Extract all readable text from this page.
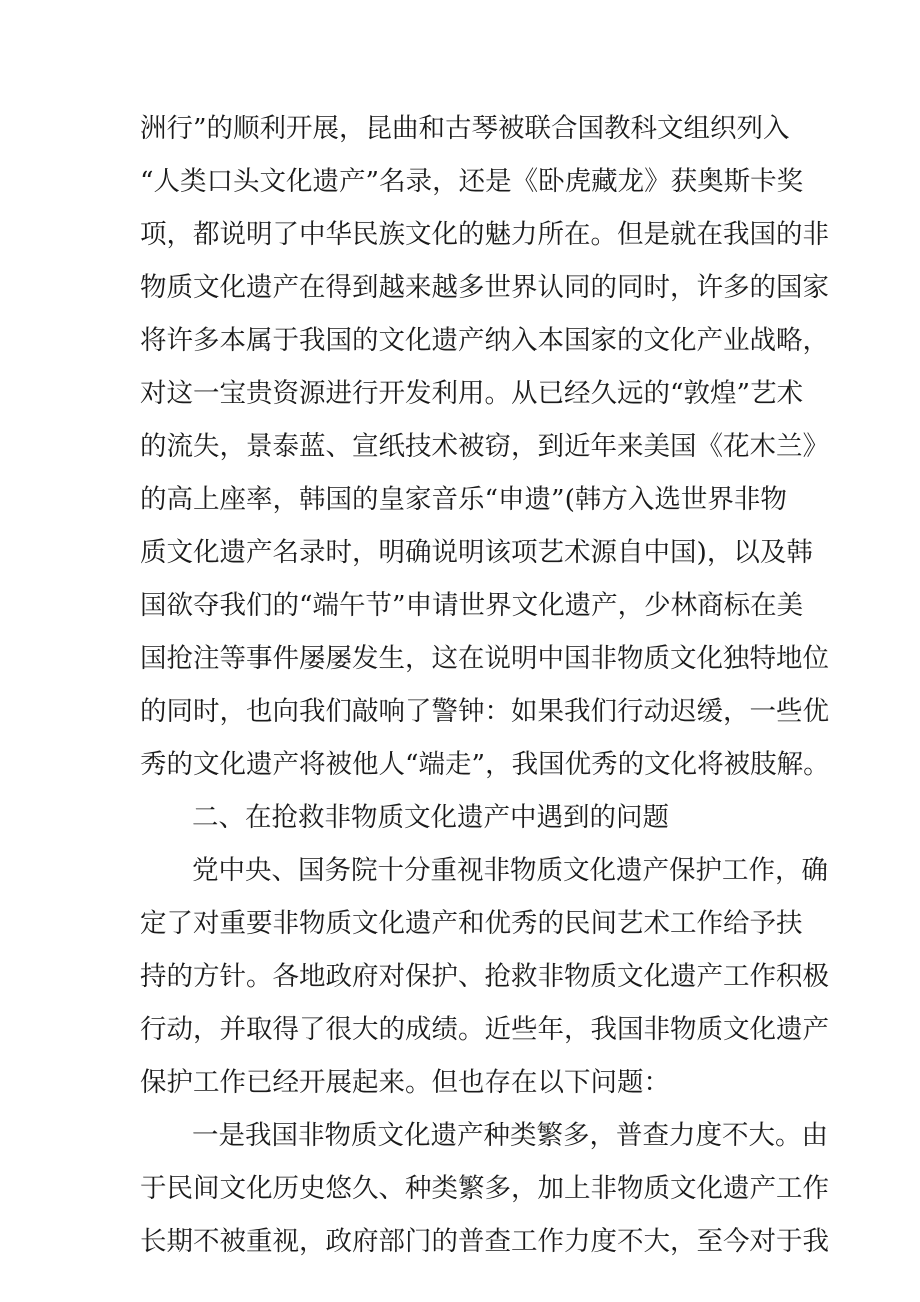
洲行”的顺利开展，昆曲和古琴被联合国教科文组织列入
“人类口头文化遗产”名录，还是《卧虎藏龙》获奥斯卡奖
项，都说明了中华民族文化的魅力所在。但是就在我国的非
物质文化遗产在得到越来越多世界认同的同时，许多的国家
将许多本属于我国的文化遗产纳入本国家的文化产业战略，
对这一宝贵资源进行开发利用。从已经久远的“敦煌”艺术
的流失，景泰蓝、宣纸技术被窃，到近年来美国《花木兰》
的高上座率，韩国的皇家音乐“申遗”(韩方入选世界非物
质文化遗产名录时，明确说明该项艺术源自中国)，以及韩
国欲夺我们的“端午节”申请世界文化遗产，少林商标在美
国抢注等事件屡屡发生，这在说明中国非物质文化独特地位
的同时，也向我们敲响了警钟：如果我们行动迟缓，一些优
秀的文化遗产将被他人“端走”，我国优秀的文化将被肢解。
二、在抢救非物质文化遗产中遇到的问题
党中央、国务院十分重视非物质文化遗产保护工作，确
定了对重要非物质文化遗产和优秀的民间艺术工作给予扶
持的方针。各地政府对保护、抢救非物质文化遗产工作积极
行动，并取得了很大的成绩。近些年，我国非物质文化遗产
保护工作已经开展起来。但也存在以下问题：
一是我国非物质文化遗产种类繁多，普查力度不大。由
于民间文化历史悠久、种类繁多，加上非物质文化遗产工作
长期不被重视，政府部门的普查工作力度不大，至今对于我
